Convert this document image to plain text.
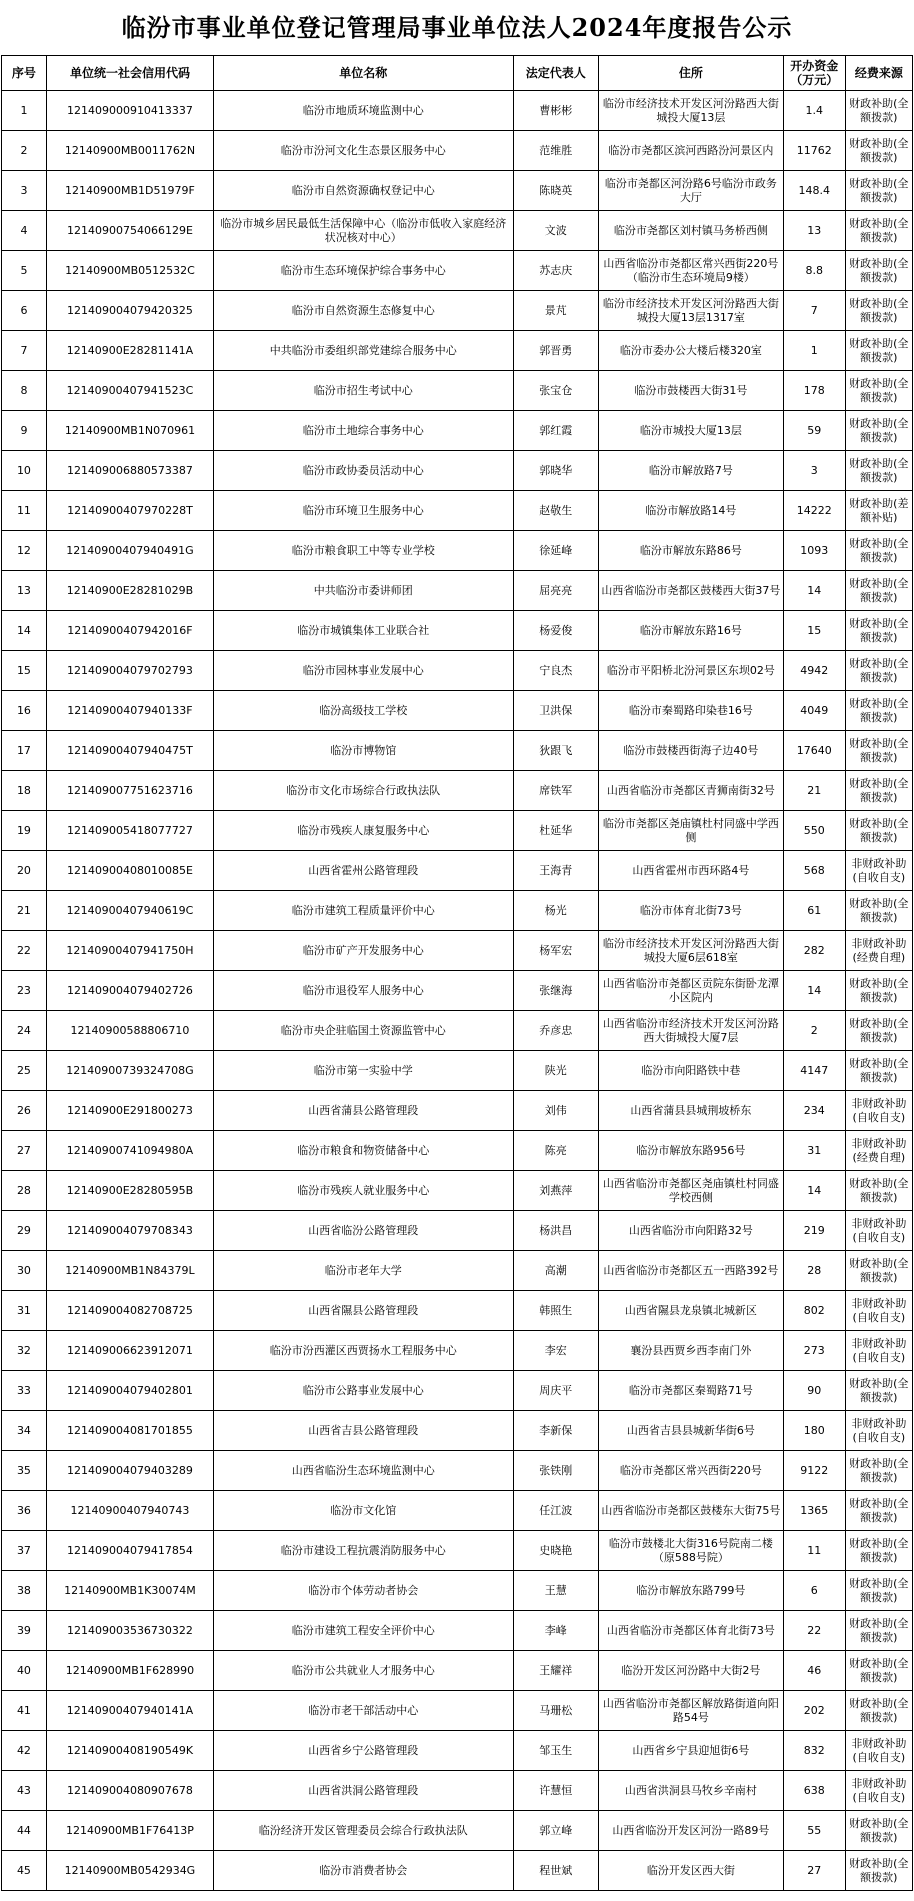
临汾市事业单位登记管理局事业单位法人2024年度报告公示
序号	单位统一社会信用代码	单位名称	法定代表人	住所	开办资金（万元）	经费来源
1	121409000910413337	临汾市地质环境监测中心	曹彬彬	临汾市经济技术开发区河汾路西大街城投大厦13层	1.4	财政补助(全额拨款)
2	12140900MB0011762N	临汾市汾河文化生态景区服务中心	范维胜	临汾市尧都区滨河西路汾河景区内	11762	财政补助(全额拨款)
3	12140900MB1D51979F	临汾市自然资源确权登记中心	陈晓英	临汾市尧都区河汾路6号临汾市政务大厅	148.4	财政补助(全额拨款)
4	12140900754066129E	临汾市城乡居民最低生活保障中心（临汾市低收入家庭经济状况核对中心）	文波	临汾市尧都区刘村镇马务桥西侧	13	财政补助(全额拨款)
5	12140900MB0512532C	临汾市生态环境保护综合事务中心	苏志庆	山西省临汾市尧都区常兴西街220号（临汾市生态环境局9楼）	8.8	财政补助(全额拨款)
6	121409004079420325	临汾市自然资源生态修复中心	景芃	临汾市经济技术开发区河汾路西大街城投大厦13层1317室	7	财政补助(全额拨款)
7	12140900E28281141A	中共临汾市委组织部党建综合服务中心	郭晋勇	临汾市委办公大楼后楼320室	1	财政补助(全额拨款)
8	12140900407941523C	临汾市招生考试中心	张宝仓	临汾市鼓楼西大街31号	178	财政补助(全额拨款)
9	12140900MB1N070961	临汾市土地综合事务中心	郭红霞	临汾市城投大厦13层	59	财政补助(全额拨款)
10	121409006880573387	临汾市政协委员活动中心	郭晓华	临汾市解放路7号	3	财政补助(全额拨款)
11	12140900407970228T	临汾市环境卫生服务中心	赵敬生	临汾市解放路14号	14222	财政补助(差额补贴)
12	12140900407940491G	临汾市粮食职工中等专业学校	徐延峰	临汾市解放东路86号	1093	财政补助(全额拨款)
13	12140900E28281029B	中共临汾市委讲师团	屈亮亮	山西省临汾市尧都区鼓楼西大街37号	14	财政补助(全额拨款)
14	12140900407942016F	临汾市城镇集体工业联合社	杨爱俊	临汾市解放东路16号	15	财政补助(全额拨款)
15	121409004079702793	临汾市园林事业发展中心	宁良杰	临汾市平阳桥北汾河景区东坝02号	4942	财政补助(全额拨款)
16	12140900407940133F	临汾高级技工学校	卫洪保	临汾市秦蜀路印染巷16号	4049	财政补助(全额拨款)
17	12140900407940475T	临汾市博物馆	狄跟飞	临汾市鼓楼西街海子边40号	17640	财政补助(全额拨款)
18	121409007751623716	临汾市文化市场综合行政执法队	席铁军	山西省临汾市尧都区青狮南街32号	21	财政补助(全额拨款)
19	121409005418077727	临汾市残疾人康复服务中心	杜延华	临汾市尧都区尧庙镇杜村同盛中学西侧	550	财政补助(全额拨款)
20	12140900408010085E	山西省霍州公路管理段	王海青	山西省霍州市西环路4号	568	非财政补助(自收自支)
21	12140900407940619C	临汾市建筑工程质量评价中心	杨光	临汾市体育北街73号	61	财政补助(全额拨款)
22	12140900407941750H	临汾市矿产开发服务中心	杨军宏	临汾市经济技术开发区河汾路西大街城投大厦6层618室	282	非财政补助(经费自理)
23	121409004079402726	临汾市退役军人服务中心	张继海	山西省临汾市尧都区贡院东街卧龙潭小区院内	14	财政补助(全额拨款)
24	12140900588806710	临汾市央企驻临国土资源监管中心	乔彦忠	山西省临汾市经济技术开发区河汾路西大街城投大厦7层	2	财政补助(全额拨款)
25	12140900739324708G	临汾市第一实验中学	陕光	临汾市向阳路铁中巷	4147	财政补助(全额拨款)
26	12140900E291800273	山西省蒲县公路管理段	刘伟	山西省蒲县县城荆坡桥东	234	非财政补助(自收自支)
27	12140900741094980A	临汾市粮食和物资储备中心	陈亮	临汾市解放东路956号	31	非财政补助(经费自理)
28	12140900E28280595B	临汾市残疾人就业服务中心	刘燕萍	山西省临汾市尧都区尧庙镇杜村同盛学校西侧	14	财政补助(全额拨款)
29	121409004079708343	山西省临汾公路管理段	杨洪昌	山西省临汾市向阳路32号	219	非财政补助(自收自支)
30	12140900MB1N84379L	临汾市老年大学	高潮	山西省临汾市尧都区五一西路392号	28	财政补助(全额拨款)
31	121409004082708725	山西省隰县公路管理段	韩照生	山西省隰县龙泉镇北城新区	802	非财政补助(自收自支)
32	121409006623912071	临汾市汾西灌区西贾扬水工程服务中心	李宏	襄汾县西贾乡西李南门外	273	非财政补助(自收自支)
33	121409004079402801	临汾市公路事业发展中心	周庆平	临汾市尧都区秦蜀路71号	90	财政补助(全额拨款)
34	121409004081701855	山西省吉县公路管理段	李新保	山西省吉县县城新华街6号	180	非财政补助(自收自支)
35	121409004079403289	山西省临汾生态环境监测中心	张铁刚	临汾市尧都区常兴西街220号	9122	财政补助(全额拨款)
36	12140900407940743	临汾市文化馆	任江波	山西省临汾市尧都区鼓楼东大街75号	1365	财政补助(全额拨款)
37	121409004079417854	临汾市建设工程抗震消防服务中心	史晓艳	临汾市鼓楼北大街316号院南二楼（原588号院）	11	财政补助(全额拨款)
38	12140900MB1K30074M	临汾市个体劳动者协会	王慧	临汾市解放东路799号	6	财政补助(全额拨款)
39	121409003536730322	临汾市建筑工程安全评价中心	李峰	山西省临汾市尧都区体育北街73号	22	财政补助(全额拨款)
40	12140900MB1F628990	临汾市公共就业人才服务中心	王耀祥	临汾开发区河汾路中大街2号	46	财政补助(全额拨款)
41	12140900407940141A	临汾市老干部活动中心	马珊松	山西省临汾市尧都区解放路街道向阳路54号	202	财政补助(全额拨款)
42	12140900408190549K	山西省乡宁公路管理段	邹玉生	山西省乡宁县迎旭街6号	832	非财政补助(自收自支)
43	121409004080907678	山西省洪洞公路管理段	许慧恒	山西省洪洞县马牧乡辛南村	638	非财政补助(自收自支)
44	12140900MB1F76413P	临汾经济开发区管理委员会综合行政执法队	郭立峰	山西省临汾开发区河汾一路89号	55	财政补助(全额拨款)
45	12140900MB0542934G	临汾市消费者协会	程世斌	临汾开发区西大街	27	财政补助(全额拨款)
